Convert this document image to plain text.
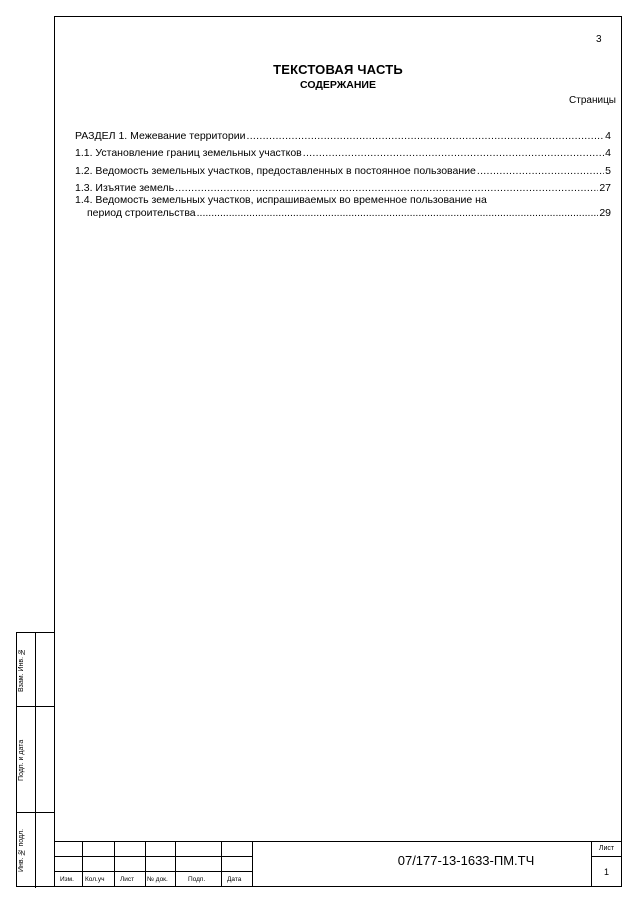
3
ТЕКСТОВАЯ ЧАСТЬ
СОДЕРЖАНИЕ
Страницы
РАЗДЕЛ 1. Межевание территории .....	4
1.1. Установление границ земельных участков .....	4
1.2. Ведомость земельных участков, предоставленных в постоянное пользование .....	5
1.3. Изъятие земель .....	27
1.4. Ведомость земельных участков, испрашиваемых во временное пользование на
период строительства .....	29
Взам. Инв. №
Подп. и дата
Инв. № подл.
Изм. Кол.уч Лист № док.	Подп.	Дата
07/177-13-1633-ПМ.ТЧ
Лист
1
